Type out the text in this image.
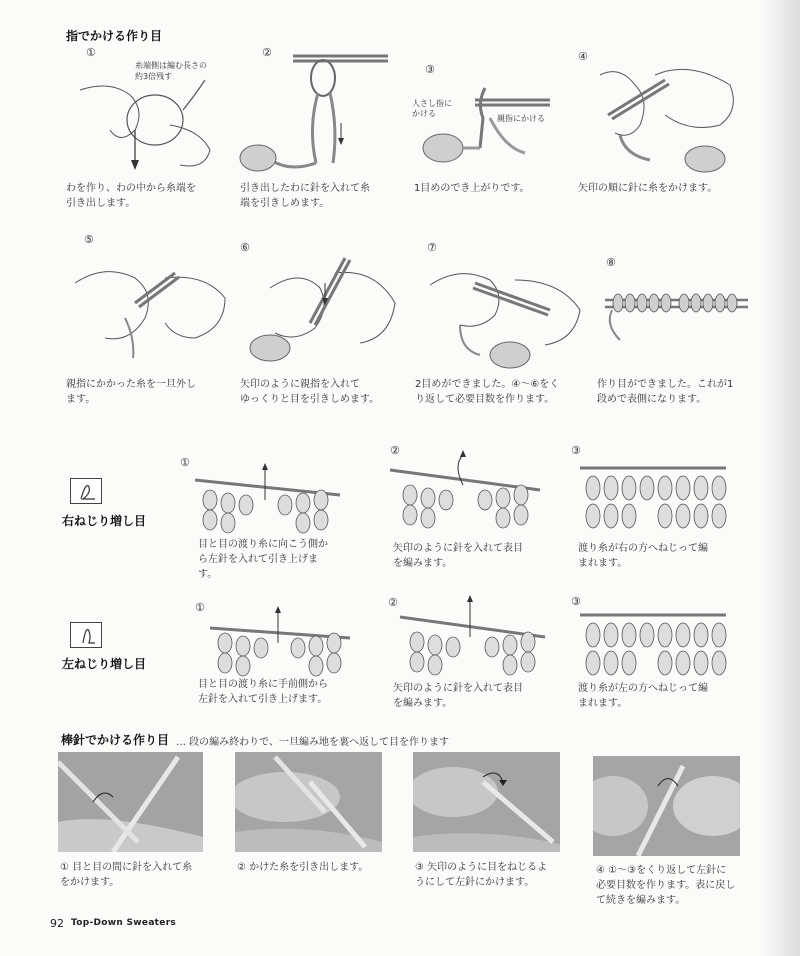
指でかける作り目
①
糸端側は編む長さの
約3倍残す
わを作り、わの中から糸端を
引き出します。
②
引き出したわに針を入れて糸
端を引きしめます。
③
人さし指に
かける
親指にかける
1目めのでき上がりです。
④
矢印の順に針に糸をかけます。
⑤
親指にかかった糸を一旦外し
ます。
⑥
矢印のように親指を入れて
ゆっくりと目を引きしめます。
⑦
2目めができました。④〜⑥をく
り返して必要目数を作ります。
⑧
作り目ができました。これが1
段めで表側になります。
右ねじり増し目
①
目と目の渡り糸に向こう側か
ら左針を入れて引き上げま
す。
②
矢印のように針を入れて表目
を編みます。
③
渡り糸が右の方へねじって編
まれます。
左ねじり増し目
①
目と目の渡り糸に手前側から
左針を入れて引き上げます。
②
矢印のように針を入れて表目
を編みます。
③
渡り糸が左の方へねじって編
まれます。
棒針でかける作り目 … 段の編み終わりで、一旦編み地を裏へ返して目を作ります
① 目と目の間に針を入れて糸
をかけます。
② かけた糸を引き出します。	③ 矢印のように目をねじるよ
うにして左針にかけます。
④ ①〜③をくり返して左針に
必要目数を作ります。表に戻し
て続きを編みます。
92 Top-Down Sweaters
